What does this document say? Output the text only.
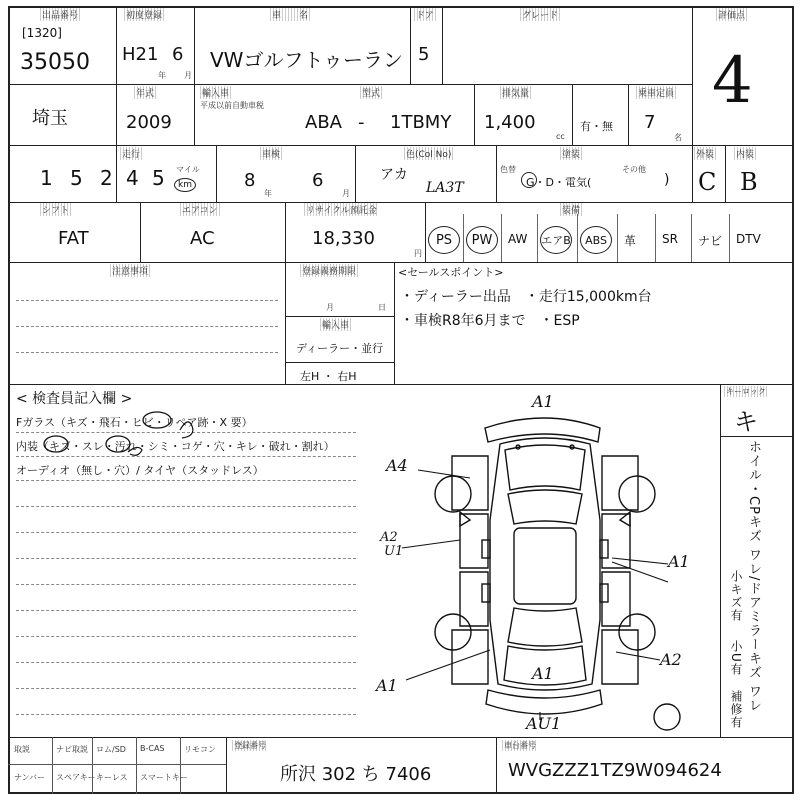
出品番号
[1320]
35050
初度登録
H21 6
年 月
車　　名
VWゴルフトゥーラン
ドア
5
グレード	評価点
4
埼玉
年式
2009
輸入車
平成以前自動車税
型式
ABA - 1TBMY
排気量
1,400
cc
有・無
乗車定員
7
名
走行
1 5 2 4 5 マイル
km
車検
8
年
6
月
色(Col No)
アカ
LA3T
色替
塗装
G・D・電気(
その他
)
外装 内装
C B
シフト
FAT
エアコン
AC
リサイクル預託金
18,330
円
装備
PS	PW	AW エアB	ABS	革 SR ナビ DTV
注意事項	登録義務期限
月	日
輸入車
ディーラー・並行
左H ・ 右H
<セールスポイント>
・ディーラー出品　・走行15,000km台
・車検R8年6月まで　・ESP
< 検査員記入欄 >
Fガラス（キズ・飛石・ヒビ・リペア跡・X 要）
内装（キズ・スレ・汚れ・シミ・コゲ・穴・キレ・破れ・割れ）
オーディオ（無し・穴）/ タイヤ（スタッドレス）
A1
A4
A2
U1
A1
A1
A2
A1
AU1
キーロック
キ
ホイル・CPキズ ワレ/ドアミラーキズ ワレ
小キズ有
小U有
補修有
取説	ナビ取説 ロム/SD B-CAS リモコン
ナンバー スペアキー キーレス スマートキー
登録番号
所沢 302 ち 7406
車台番号
WVGZZZ1TZ9W094624
